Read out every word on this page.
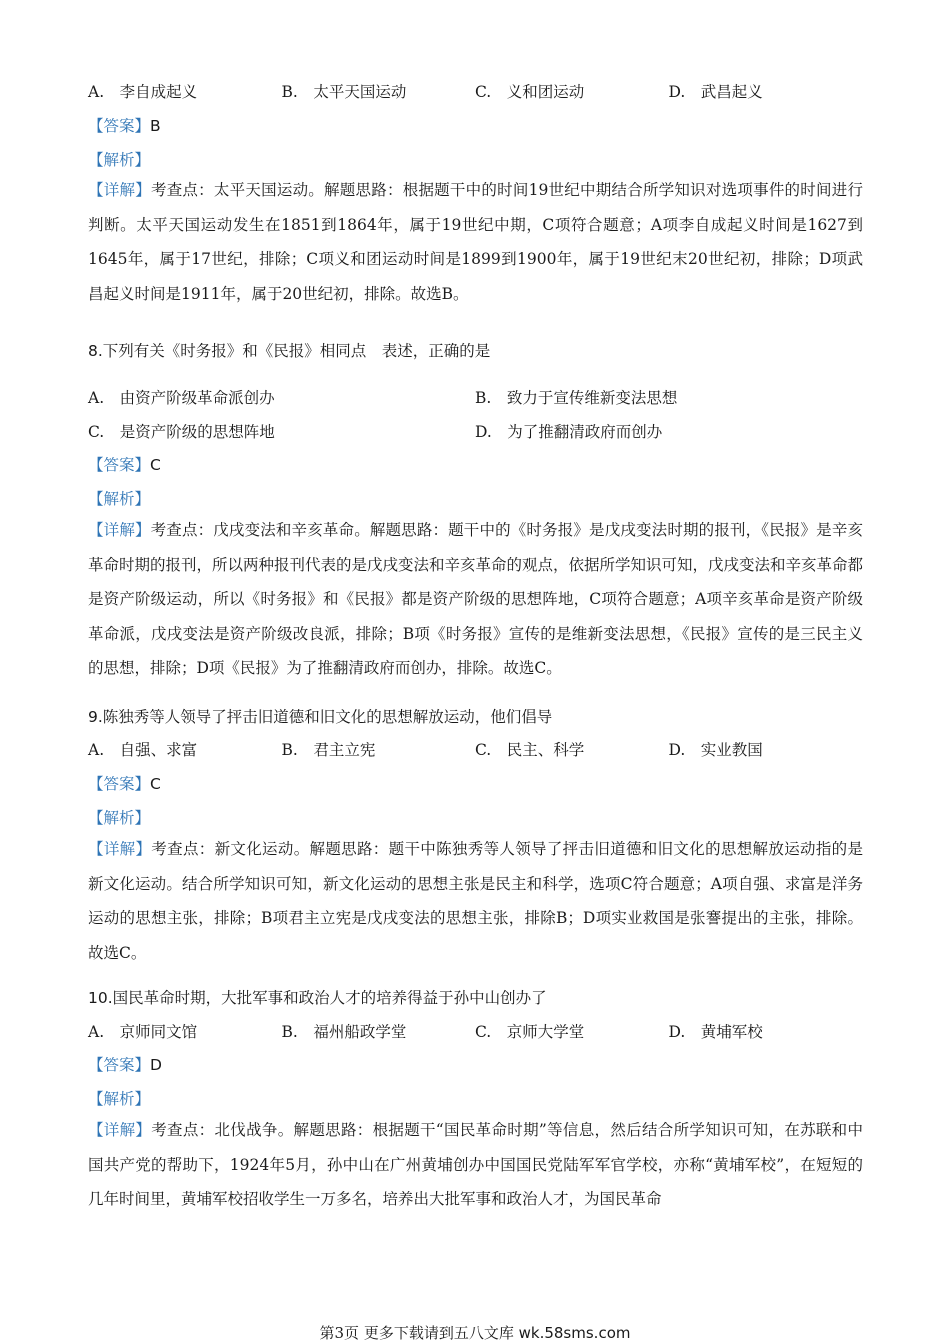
A.　李自成起义	B.　太平天国运动	C.　义和团运动	D.　武昌起义
【答案】B
【解析】
【详解】考查点：太平天国运动。解题思路：根据题干中的时间19世纪中期结合所学知识对选项事件的时间进行判断。太平天国运动发生在1851到1864年，属于19世纪中期，C项符合题意；A项李自成起义时间是1627到1645年，属于17世纪，排除；C项义和团运动时间是1899到1900年，属于19世纪末20世纪初，排除；D项武昌起义时间是1911年，属于20世纪初，排除。故选B。
8.下列有关《时务报》和《民报》相同点　表述，正确的是
A.　由资产阶级革命派创办	B.　致力于宣传维新变法思想
C.　是资产阶级的思想阵地	D.　为了推翻清政府而创办
【答案】C
【解析】
【详解】考查点：戊戌变法和辛亥革命。解题思路：题干中的《时务报》是戊戌变法时期的报刊，《民报》是辛亥革命时期的报刊，所以两种报刊代表的是戊戌变法和辛亥革命的观点，依据所学知识可知，戊戌变法和辛亥革命都是资产阶级运动，所以《时务报》和《民报》都是资产阶级的思想阵地，C项符合题意；A项辛亥革命是资产阶级革命派，戊戌变法是资产阶级改良派，排除；B项《时务报》宣传的是维新变法思想，《民报》宣传的是三民主义的思想，排除；D项《民报》为了推翻清政府而创办，排除。故选C。
9.陈独秀等人领导了抨击旧道德和旧文化的思想解放运动，他们倡导
A.　自强、求富	B.　君主立宪	C.　民主、科学	D.　实业教国
【答案】C
【解析】
【详解】考查点：新文化运动。解题思路：题干中陈独秀等人领导了抨击旧道德和旧文化的思想解放运动指的是新文化运动。结合所学知识可知，新文化运动的思想主张是民主和科学，选项C符合题意；A项自强、求富是洋务运动的思想主张，排除；B项君主立宪是戊戌变法的思想主张，排除B；D项实业救国是张謇提出的主张，排除。故选C。
10.国民革命时期，大批军事和政治人才的培养得益于孙中山创办了
A.　京师同文馆	B.　福州船政学堂	C.　京师大学堂	D.　黄埔军校
【答案】D
【解析】
【详解】考查点：北伐战争。解题思路：根据题干“国民革命时期”等信息，然后结合所学知识可知，在苏联和中国共产党的帮助下，1924年5月，孙中山在广州黄埔创办中国国民党陆军军官学校，亦称“黄埔军校”，在短短的几年时间里，黄埔军校招收学生一万多名，培养出大批军事和政治人才，为国民革命
第3页 更多下载请到五八文库 wk.58sms.com
